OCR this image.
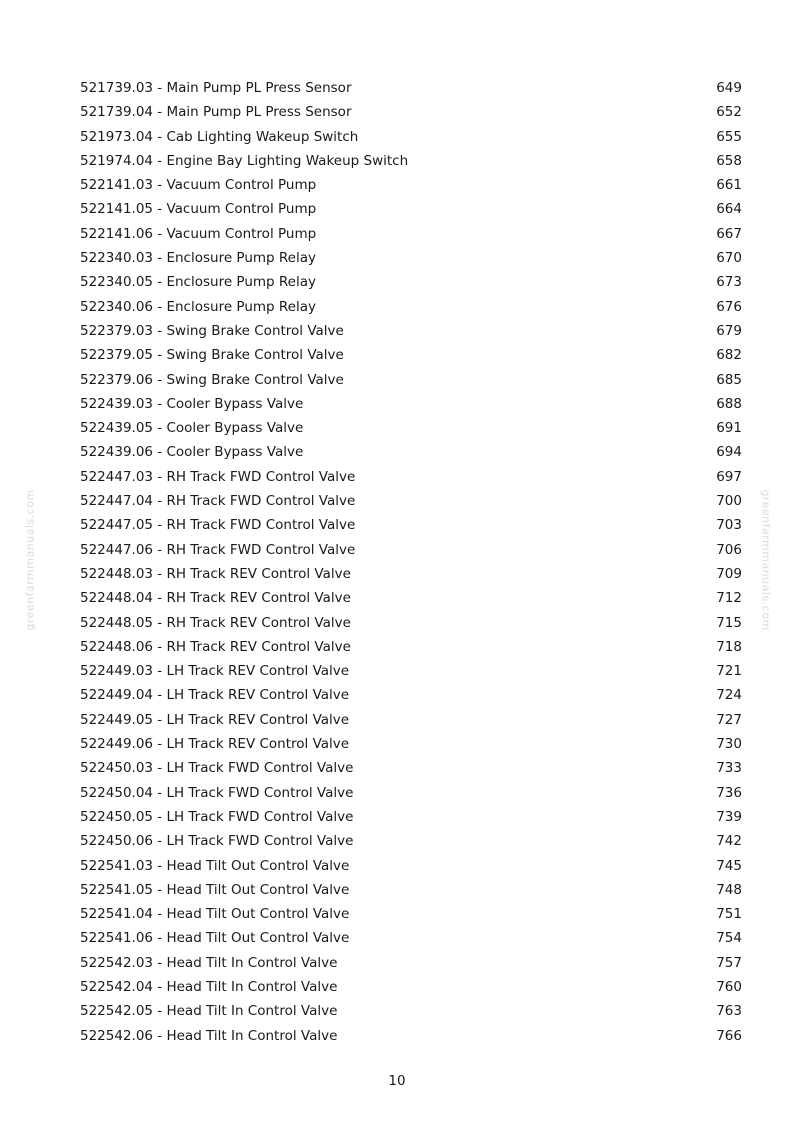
greenfarmmanuals.com	greenfarmmanuals.com
521739.03 - Main Pump PL Press Sensor	649
521739.04 - Main Pump PL Press Sensor	652
521973.04 - Cab Lighting Wakeup Switch	655
521974.04 - Engine Bay Lighting Wakeup Switch	658
522141.03 - Vacuum Control Pump	661
522141.05 - Vacuum Control Pump	664
522141.06 - Vacuum Control Pump	667
522340.03 - Enclosure Pump Relay	670
522340.05 - Enclosure Pump Relay	673
522340.06 - Enclosure Pump Relay	676
522379.03 - Swing Brake Control Valve	679
522379.05 - Swing Brake Control Valve	682
522379.06 - Swing Brake Control Valve	685
522439.03 - Cooler Bypass Valve	688
522439.05 - Cooler Bypass Valve	691
522439.06 - Cooler Bypass Valve	694
522447.03 - RH Track FWD Control Valve	697
522447.04 - RH Track FWD Control Valve	700
522447.05 - RH Track FWD Control Valve	703
522447.06 - RH Track FWD Control Valve	706
522448.03 - RH Track REV Control Valve	709
522448.04 - RH Track REV Control Valve	712
522448.05 - RH Track REV Control Valve	715
522448.06 - RH Track REV Control Valve	718
522449.03 - LH Track REV Control Valve	721
522449.04 - LH Track REV Control Valve	724
522449.05 - LH Track REV Control Valve	727
522449.06 - LH Track REV Control Valve	730
522450.03 - LH Track FWD Control Valve	733
522450.04 - LH Track FWD Control Valve	736
522450.05 - LH Track FWD Control Valve	739
522450.06 - LH Track FWD Control Valve	742
522541.03 - Head Tilt Out Control Valve	745
522541.05 - Head Tilt Out Control Valve	748
522541.04 - Head Tilt Out Control Valve	751
522541.06 - Head Tilt Out Control Valve	754
522542.03 - Head Tilt In Control Valve	757
522542.04 - Head Tilt In Control Valve	760
522542.05 - Head Tilt In Control Valve	763
522542.06 - Head Tilt In Control Valve	766
10
